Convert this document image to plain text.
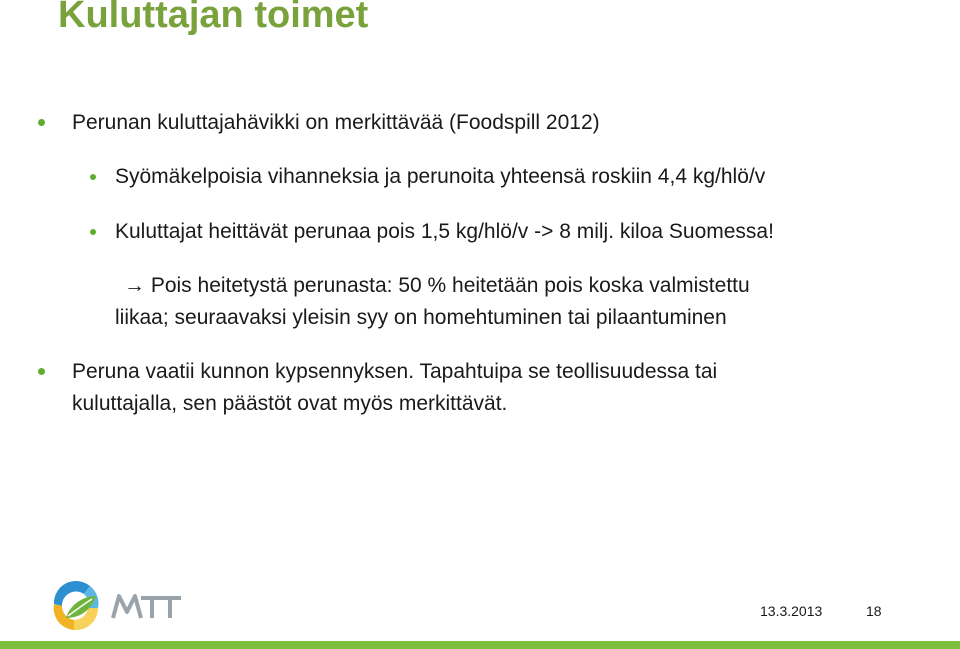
Kuluttajan toimet
Perunan kuluttajahävikki on merkittävää (Foodspill 2012)
Syömäkelpoisia vihanneksia ja perunoita yhteensä roskiin 4,4 kg/hlö/v
Kuluttajat heittävät perunaa pois 1,5 kg/hlö/v -> 8 milj. kiloa Suomessa!
→ Pois heitetystä perunasta: 50 % heitetään pois koska valmistettu
liikaa; seuraavaksi yleisin syy on homehtuminen tai pilaantuminen
Peruna vaatii kunnon kypsennyksen. Tapahtuipa se teollisuudessa tai
kuluttajalla, sen päästöt ovat myös merkittävät.
13.3.2013	18
